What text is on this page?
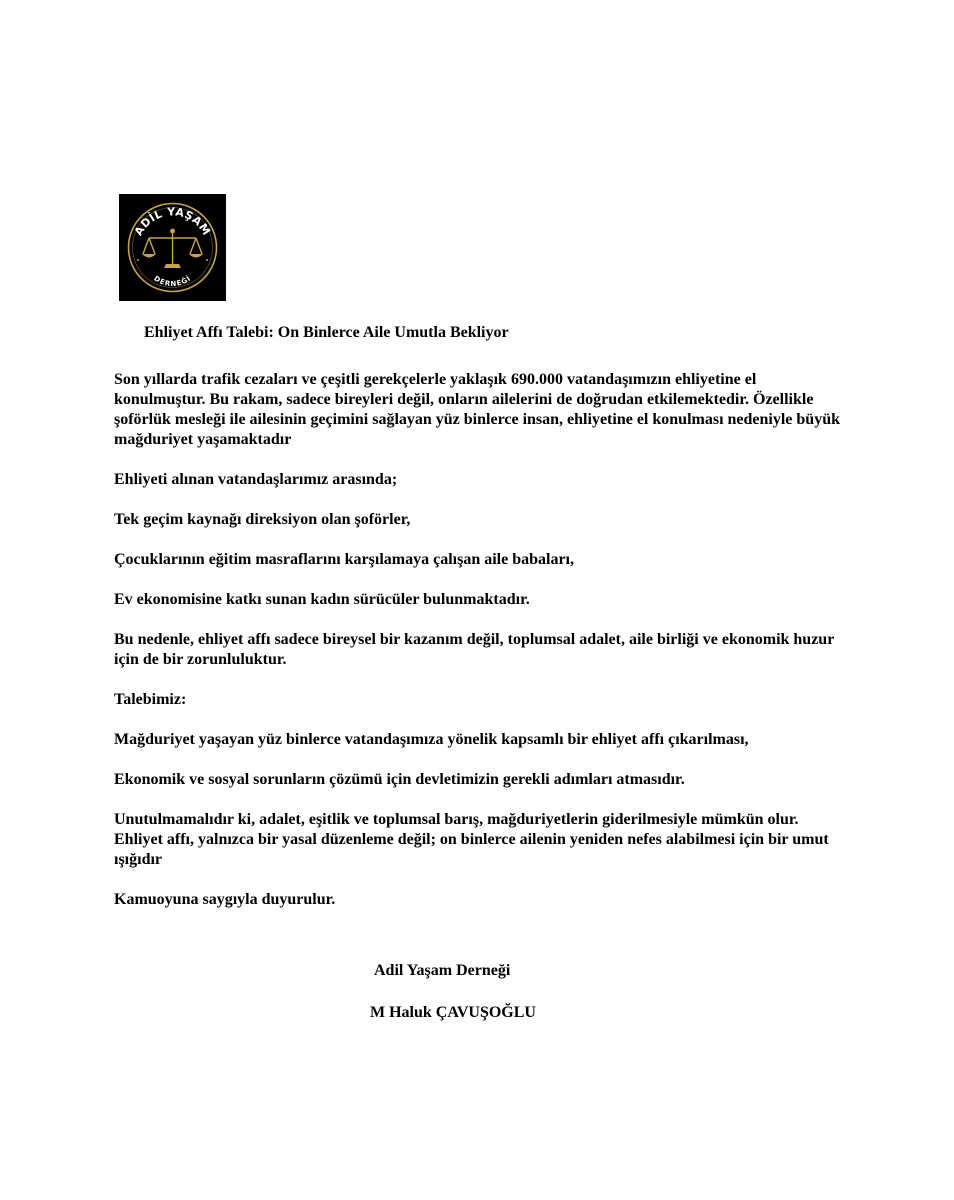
ADİL YAŞAM
DERNEĞİ
Ehliyet Affı Talebi: On Binlerce Aile Umutla Bekliyor

Son yıllarda trafik cezaları ve çeşitli gerekçelerle yaklaşık 690.000 vatandaşımızın ehliyetine el konulmuştur. Bu rakam, sadece bireyleri değil, onların ailelerini de doğrudan etkilemektedir. Özellikle şoförlük mesleği ile ailesinin geçimini sağlayan yüz binlerce insan, ehliyetine el konulması nedeniyle büyük mağduriyet yaşamaktadır

Ehliyeti alınan vatandaşlarımız arasında;

Tek geçim kaynağı direksiyon olan şoförler,

Çocuklarının eğitim masraflarını karşılamaya çalışan aile babaları,

Ev ekonomisine katkı sunan kadın sürücüler bulunmaktadır.

Bu nedenle, ehliyet affı sadece bireysel bir kazanım değil, toplumsal adalet, aile birliği ve ekonomik huzur için de bir zorunluluktur.

Talebimiz:

Mağduriyet yaşayan yüz binlerce vatandaşımıza yönelik kapsamlı bir ehliyet affı çıkarılması,

Ekonomik ve sosyal sorunların çözümü için devletimizin gerekli adımları atmasıdır.

Unutulmamalıdır ki, adalet, eşitlik ve toplumsal barış, mağduriyetlerin giderilmesiyle mümkün olur. Ehliyet affı, yalnızca bir yasal düzenleme değil; on binlerce ailenin yeniden nefes alabilmesi için bir umut ışığıdır

Kamuoyuna saygıyla duyurulur.

Adil Yaşam Derneği
M Haluk ÇAVUŞOĞLU
